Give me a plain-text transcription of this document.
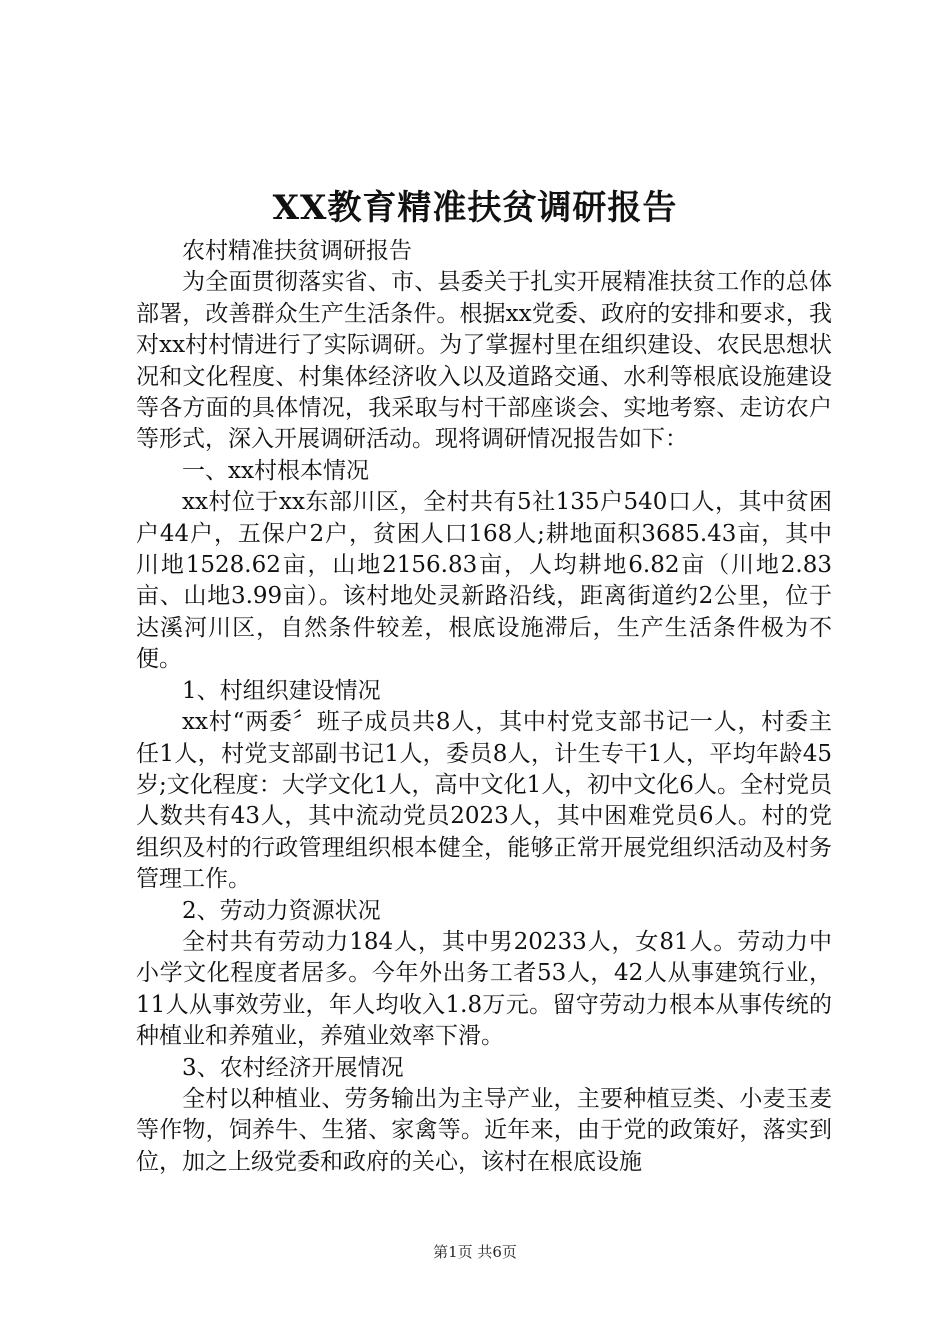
XX教育精准扶贫调研报告

农村精准扶贫调研报告

为全面贯彻落实省、市、县委关于扎实开展精准扶贫工作的总体部署，改善群众生产生活条件。根据xx党委、政府的安排和要求，我对xx村村情进行了实际调研。为了掌握村里在组织建设、农民思想状况和文化程度、村集体经济收入以及道路交通、水利等根底设施建设等各方面的具体情况，我采取与村干部座谈会、实地考察、走访农户等形式，深入开展调研活动。现将调研情况报告如下：

一、xx村根本情况

xx村位于xx东部川区，全村共有5社135户540口人，其中贫困户44户，五保户2户，贫困人口168人;耕地面积3685.43亩，其中川地1528.62亩，山地2156.83亩，人均耕地6.82亩（川地2.83亩、山地3.99亩）。该村地处灵新路沿线，距离街道约2公里，位于达溪河川区，自然条件较差，根底设施滞后，生产生活条件极为不便。

1、村组织建设情况

xx村“两委〞班子成员共8人，其中村党支部书记一人，村委主任1人，村党支部副书记1人，委员8人，计生专干1人，平均年龄45岁;文化程度：大学文化1人，高中文化1人，初中文化6人。全村党员人数共有43人，其中流动党员2023人，其中困难党员6人。村的党组织及村的行政管理组织根本健全，能够正常开展党组织活动及村务管理工作。

2、劳动力资源状况

全村共有劳动力184人，其中男20233人，女81人。劳动力中小学文化程度者居多。今年外出务工者53人，42人从事建筑行业，11人从事效劳业，年人均收入1.8万元。留守劳动力根本从事传统的种植业和养殖业，养殖业效率下滑。

3、农村经济开展情况

全村以种植业、劳务输出为主导产业，主要种植豆类、小麦玉麦等作物，饲养牛、生猪、家禽等。近年来，由于党的政策好，落实到位，加之上级党委和政府的关心，该村在根底设施

第1页 共6页
